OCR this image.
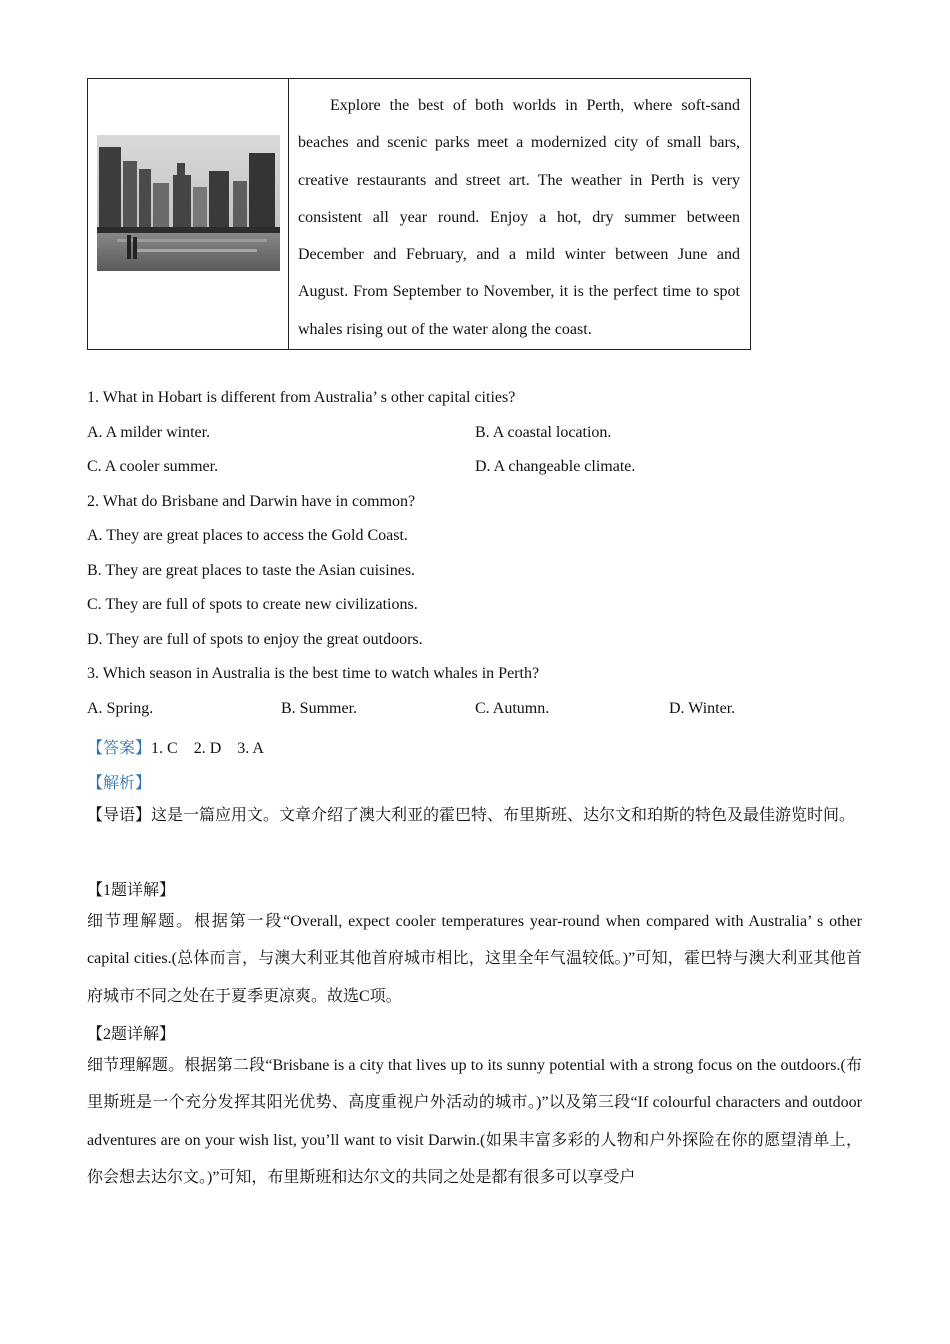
Explore the best of both worlds in Perth, where soft-sand beaches and scenic parks meet a modernized city of small bars, creative restaurants and street art. The weather in Perth is very consistent all year round. Enjoy a hot, dry summer between December and February, and a mild winter between June and August. From September to November, it is the perfect time to spot whales rising out of the water along the coast.

1. What in Hobart is different from Australia’ s other capital cities?
A. A milder winter.	B. A coastal location.
C. A cooler summer.	D. A changeable climate.
2. What do Brisbane and Darwin have in common?
A. They are great places to access the Gold Coast.
B. They are great places to taste the Asian cuisines.
C. They are full of spots to create new civilizations.
D. They are full of spots to enjoy the great outdoors.
3. Which season in Australia is the best time to watch whales in Perth?
A. Spring.	B. Summer.	C. Autumn.	D. Winter.
【答案】1. C    2. D    3. A
【解析】
【导语】这是一篇应用文。文章介绍了澳大利亚的霍巴特、布里斯班、达尔文和珀斯的特色及最佳游览时间。
【1题详解】
细节理解题。根据第一段“Overall, expect cooler temperatures year-round when compared with Australia’ s other capital cities.(总体而言，与澳大利亚其他首府城市相比，这里全年气温较低。)”可知，霍巴特与澳大利亚其他首府城市不同之处在于夏季更凉爽。故选C项。
【2题详解】
细节理解题。根据第二段“Brisbane is a city that lives up to its sunny potential with a strong focus on the outdoors.(布里斯班是一个充分发挥其阳光优势、高度重视户外活动的城市。)”以及第三段“If colourful characters and outdoor adventures are on your wish list, you’ll want to visit Darwin.(如果丰富多彩的人物和户外探险在你的愿望清单上，你会想去达尔文。)”可知，布里斯班和达尔文的共同之处是都有很多可以享受户
